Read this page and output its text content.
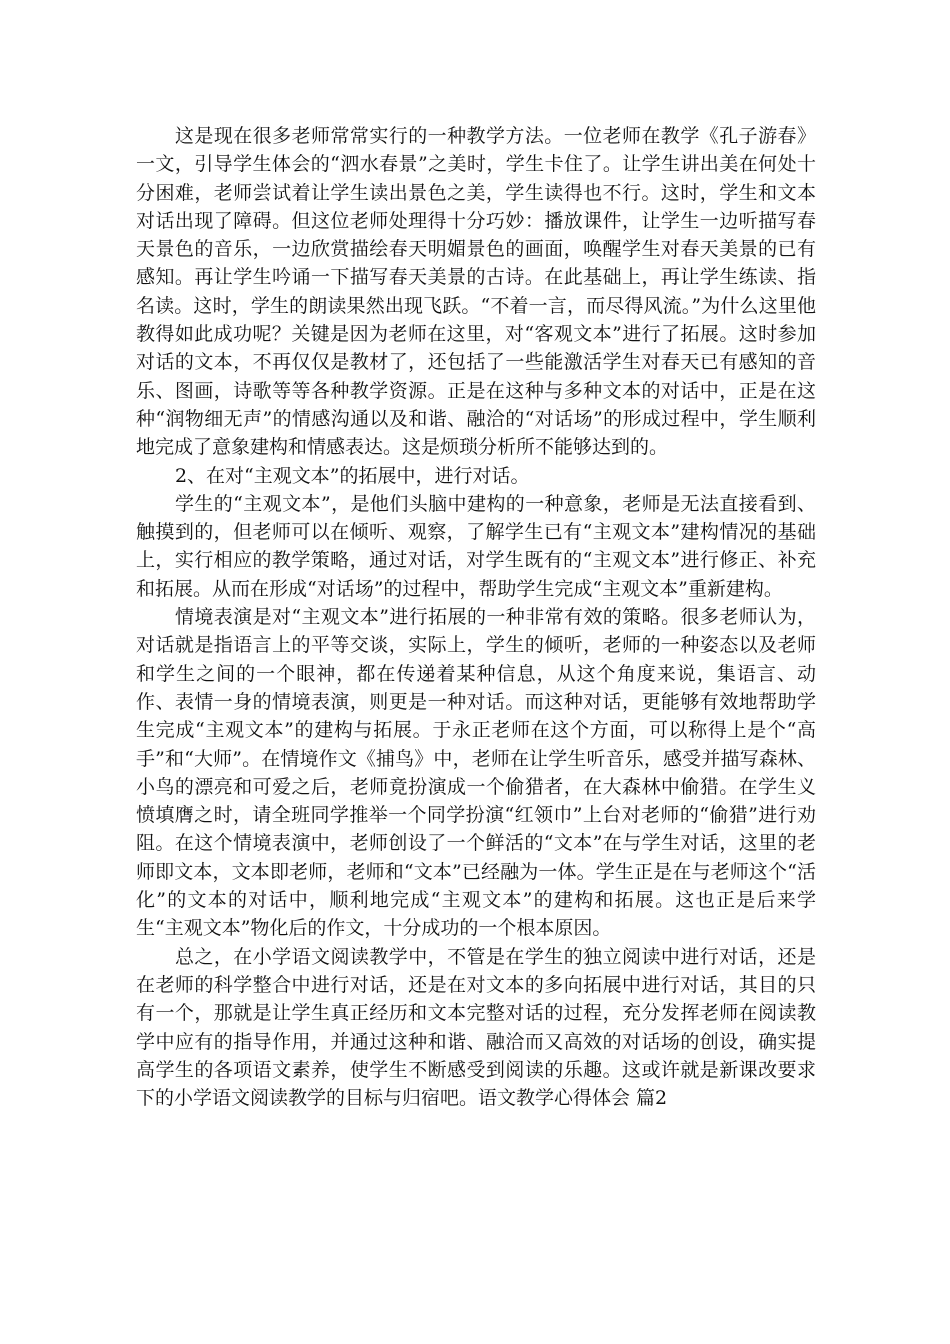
这是现在很多老师常常实行的一种教学方法。一位老师在教学《孔子游春》一文，引导学生体会的“泗水春景”之美时，学生卡住了。让学生讲出美在何处十分困难，老师尝试着让学生读出景色之美，学生读得也不行。这时，学生和文本对话出现了障碍。但这位老师处理得十分巧妙：播放课件，让学生一边听描写春天景色的音乐，一边欣赏描绘春天明媚景色的画面，唤醒学生对春天美景的已有感知。再让学生吟诵一下描写春天美景的古诗。在此基础上，再让学生练读、指名读。这时，学生的朗读果然出现飞跃。“不着一言，而尽得风流。”为什么这里他教得如此成功呢？关键是因为老师在这里，对“客观文本”进行了拓展。这时参加对话的文本，不再仅仅是教材了，还包括了一些能激活学生对春天已有感知的音乐、图画，诗歌等等各种教学资源。正是在这种与多种文本的对话中，正是在这种“润物细无声”的情感沟通以及和谐、融洽的“对话场”的形成过程中，学生顺利地完成了意象建构和情感表达。这是烦琐分析所不能够达到的。

2、在对“主观文本”的拓展中，进行对话。

学生的“主观文本”，是他们头脑中建构的一种意象，老师是无法直接看到、触摸到的，但老师可以在倾听、观察，了解学生已有“主观文本”建构情况的基础上，实行相应的教学策略，通过对话，对学生既有的“主观文本”进行修正、补充和拓展。从而在形成“对话场”的过程中，帮助学生完成“主观文本”重新建构。

情境表演是对“主观文本”进行拓展的一种非常有效的策略。很多老师认为，对话就是指语言上的平等交谈，实际上，学生的倾听，老师的一种姿态以及老师和学生之间的一个眼神，都在传递着某种信息，从这个角度来说，集语言、动作、表情一身的情境表演，则更是一种对话。而这种对话，更能够有效地帮助学生完成“主观文本”的建构与拓展。于永正老师在这个方面，可以称得上是个“高手”和“大师”。在情境作文《捕鸟》中，老师在让学生听音乐，感受并描写森林、小鸟的漂亮和可爱之后，老师竟扮演成一个偷猎者，在大森林中偷猎。在学生义愤填膺之时，请全班同学推举一个同学扮演“红领巾”上台对老师的“偷猎”进行劝阻。在这个情境表演中，老师创设了一个鲜活的“文本”在与学生对话，这里的老师即文本，文本即老师，老师和“文本”已经融为一体。学生正是在与老师这个“活化”的文本的对话中，顺利地完成“主观文本”的建构和拓展。这也正是后来学生“主观文本”物化后的作文，十分成功的一个根本原因。

总之，在小学语文阅读教学中，不管是在学生的独立阅读中进行对话，还是在老师的科学整合中进行对话，还是在对文本的多向拓展中进行对话，其目的只有一个，那就是让学生真正经历和文本完整对话的过程，充分发挥老师在阅读教学中应有的指导作用，并通过这种和谐、融洽而又高效的对话场的创设，确实提高学生的各项语文素养，使学生不断感受到阅读的乐趣。这或许就是新课改要求下的小学语文阅读教学的目标与归宿吧。语文教学心得体会 篇2
